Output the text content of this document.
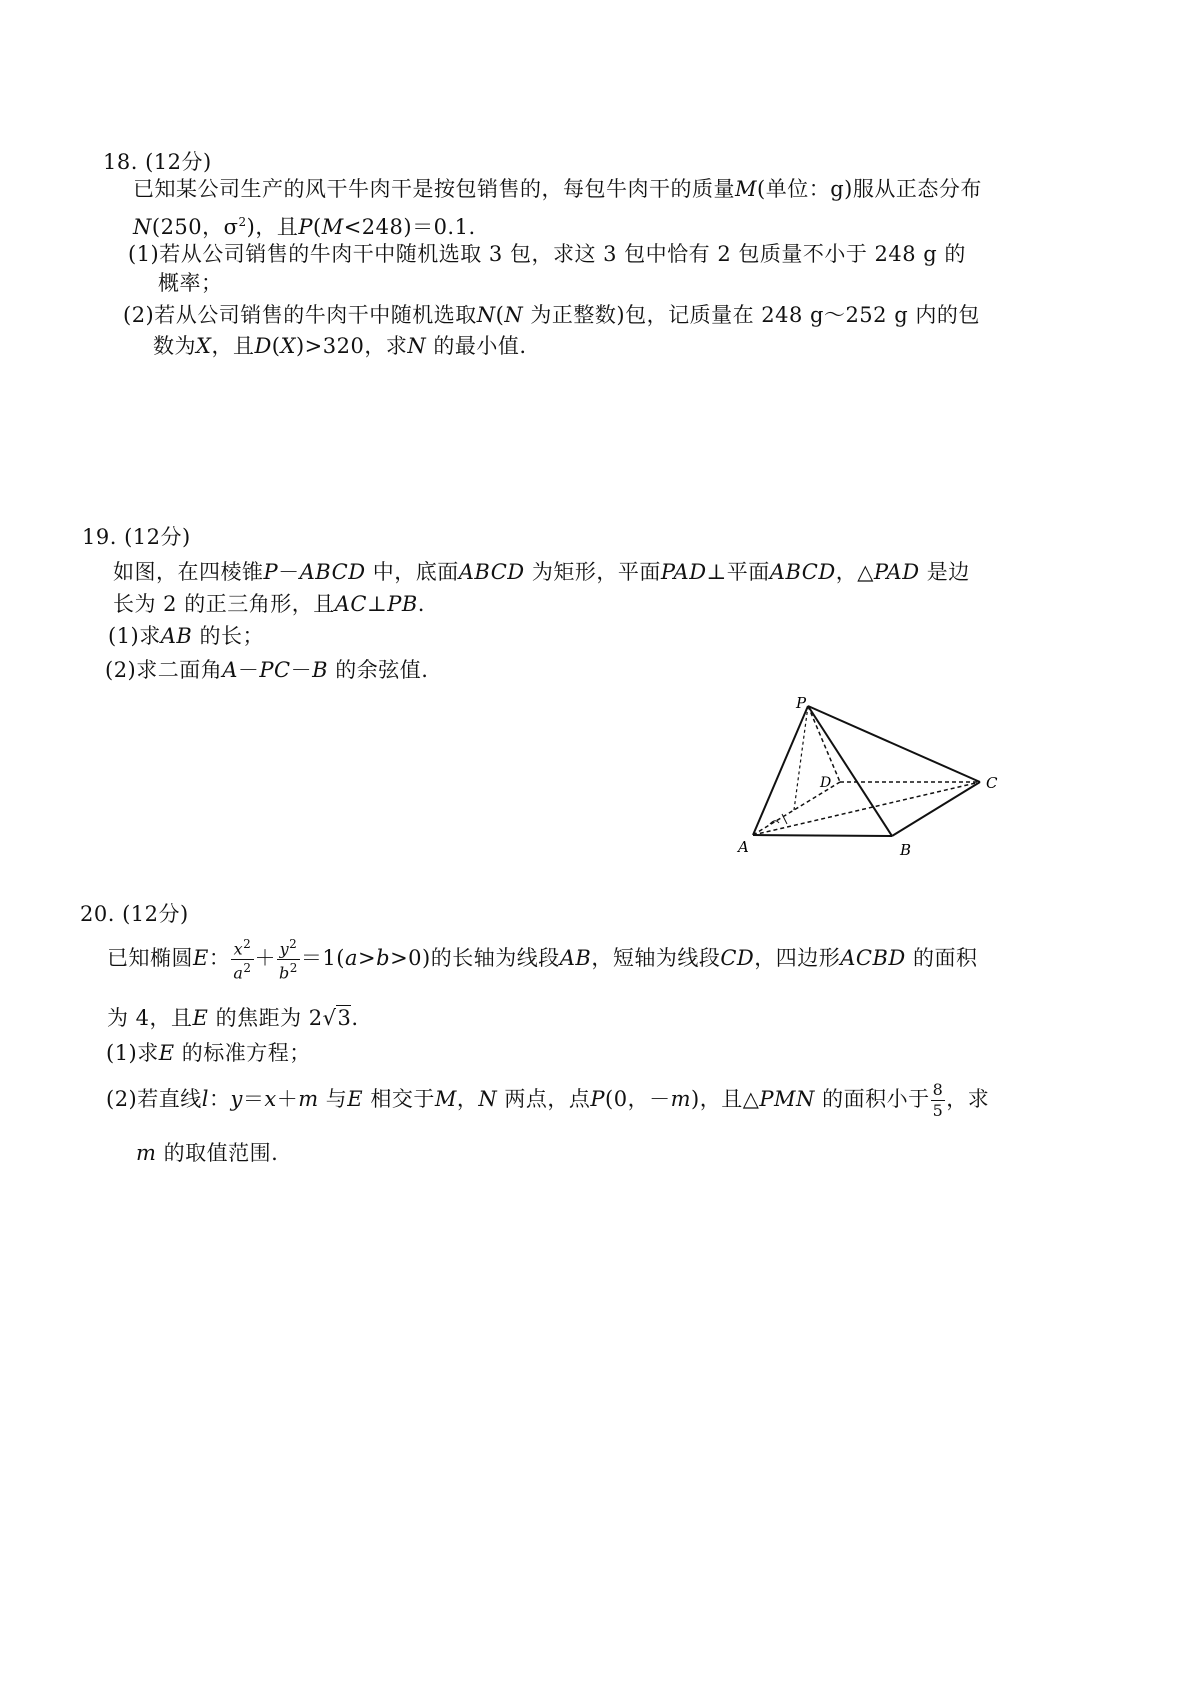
18. (12分)
已知某公司生产的风干牛肉干是按包销售的，每包牛肉干的质量M(单位：g)服从正态分布
N(250，$\sigma^2$)，且P(M<248)＝0.1.
(1)若从公司销售的牛肉干中随机选取 3 包，求这 3 包中恰有 2 包质量不小于 248 g 的
概率；
(2)若从公司销售的牛肉干中随机选取N(N 为正整数)包，记质量在 248 g～252 g 内的包
数为X，且D(X)>320，求N 的最小值.
19. (12分)
如图，在四棱锥P－ABCD 中，底面ABCD 为矩形，平面PAD⊥平面ABCD，△PAD 是边
长为 2 的正三角形，且AC⊥PB.
(1)求AB 的长；
(2)求二面角A－PC－B 的余弦值.
P
A	B
C
D
20. (12分)
已知椭圆E： $\frac{x^2}{a^2} + \frac{y^2}{b^2} =1(a>b>0)$的长轴为线段AB，短轴为线段CD，四边形ACBD 的面积
为 4，且E 的焦距为 2√3.
(1)求E 的标准方程；
(2)若直线l：y＝x＋m 与E 相交于M，N 两点，点P(0，－m)，且△PMN 的面积小于 $\frac{8}{5}$ ，求
m 的取值范围.
